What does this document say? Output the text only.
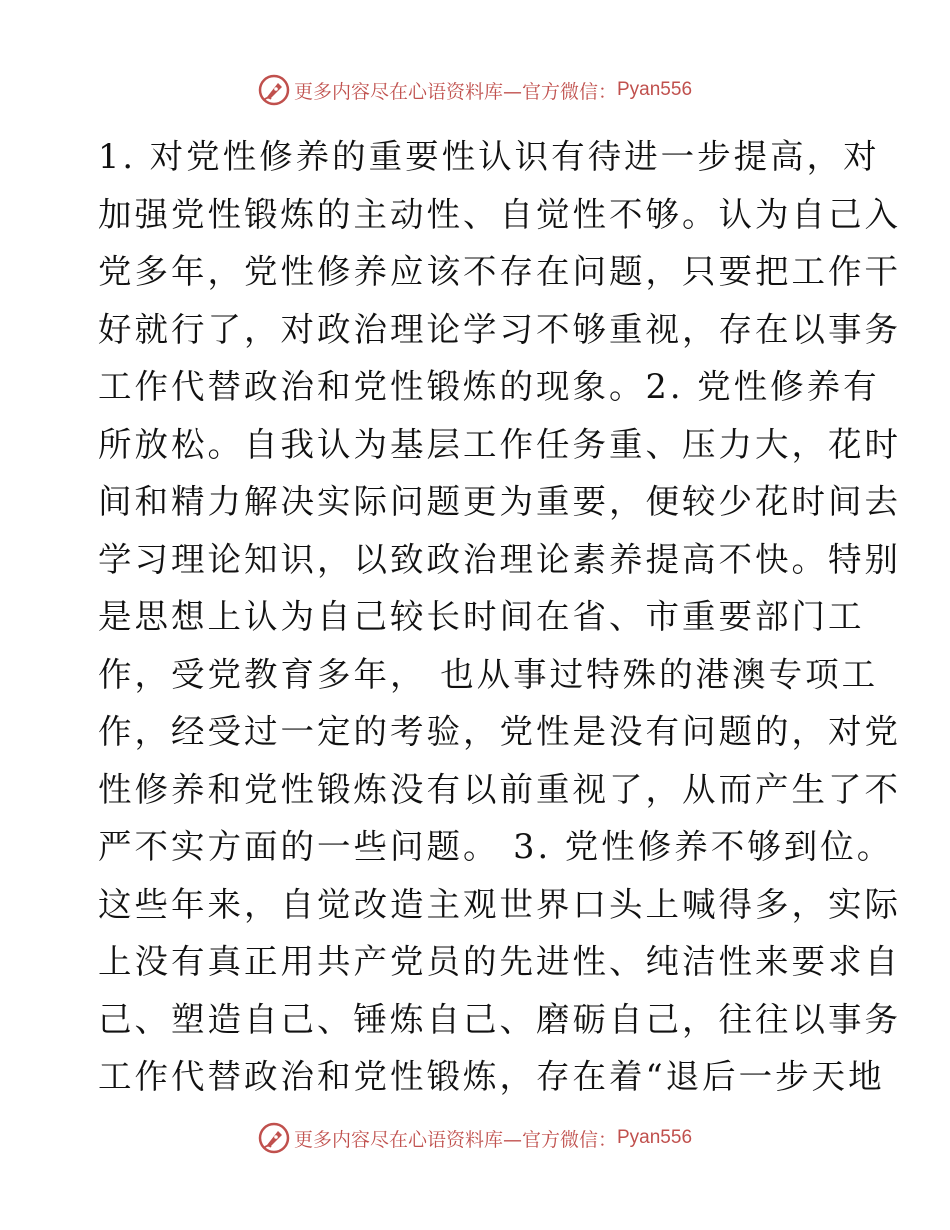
更多内容尽在心语资料库—官方微信： Pyan556
1. 对党性修养的重要性认识有待进一步提高，对
加强党性锻炼的主动性、自觉性不够。认为自己入
党多年，党性修养应该不存在问题，只要把工作干
好就行了，对政治理论学习不够重视，存在以事务
工作代替政治和党性锻炼的现象。2. 党性修养有
所放松。自我认为基层工作任务重、压力大，花时
间和精力解决实际问题更为重要，便较少花时间去
学习理论知识，以致政治理论素养提高不快。特别
是思想上认为自己较长时间在省、市重要部门工
作，受党教育多年， 也从事过特殊的港澳专项工
作，经受过一定的考验，党性是没有问题的，对党
性修养和党性锻炼没有以前重视了，从而产生了不
严不实方面的一些问题。 3. 党性修养不够到位。
这些年来，自觉改造主观世界口头上喊得多，实际
上没有真正用共产党员的先进性、纯洁性来要求自
己、塑造自己、锤炼自己、磨砺自己，往往以事务
工作代替政治和党性锻炼，存在着“退后一步天地
更多内容尽在心语资料库—官方微信： Pyan556
